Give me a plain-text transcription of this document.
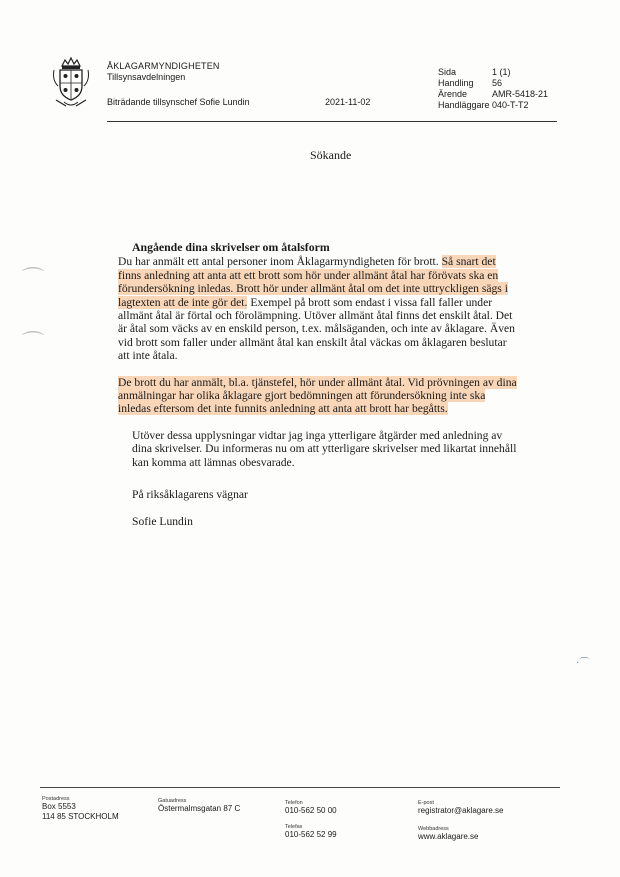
ÅKLAGARMYNDIGHETEN
Tillsynsavdelningen
Biträdande tillsynschef Sofie Lundin	2021-11-02
Sida	1 (1)
Handling 56
Ärende	AMR-5418-21
Handläggare 040-T-T2
Sökande
⌒
⌒
·⌒
Angående dina skrivelser om åtalsform

Du har anmält ett antal personer inom Åklagarmyndigheten för brott. Så snart det finns anledning att anta att ett brott som hör under allmänt åtal har förövats ska en förundersökning inledas. Brott hör under allmänt åtal om det inte uttryckligen sägs i lagtexten att de inte gör det. Exempel på brott som endast i vissa fall faller under allmänt åtal är förtal och förolämpning. Utöver allmänt åtal finns det enskilt åtal. Det är åtal som väcks av en enskild person, t.ex. målsäganden, och inte av åklagare. Även vid brott som faller under allmänt åtal kan enskilt åtal väckas om åklagaren beslutar att inte åtala.

De brott du har anmält, bl.a. tjänstefel, hör under allmänt åtal. Vid prövningen av dina anmälningar har olika åklagare gjort bedömningen att förundersökning inte ska inledas eftersom det inte funnits anledning att anta att brott har begåtts.

Utöver dessa upplysningar vidtar jag inga ytterligare åtgärder med anledning av dina skrivelser. Du informeras nu om att ytterligare skrivelser med likartat innehåll kan komma att lämnas obesvarade.

På riksåklagarens vägnar
Sofie Lundin
Postadress
Box 5553
114 85 STOCKHOLM
Gatuadress
Östermalmsgatan 87 C
Telefon
010-562 50 00
Telefax
010-562 52 99
E-post
registrator@aklagare.se
Webbadress
www.aklagare.se
